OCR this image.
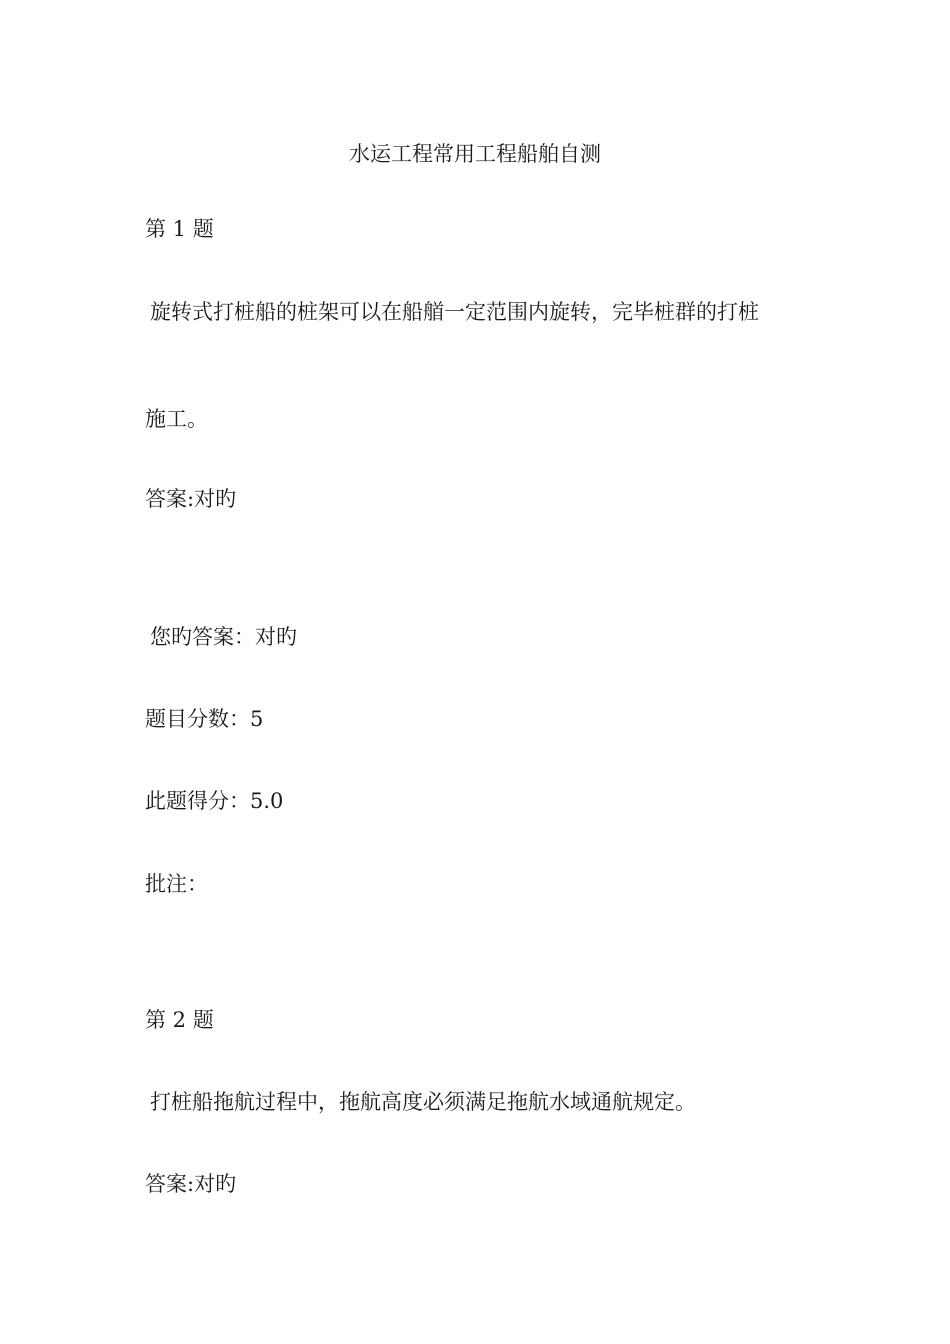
水运工程常用工程船舶自测
第 1 题
旋转式打桩船的桩架可以在船艏一定范围内旋转，完毕桩群的打桩
施工。
答案:对旳
您旳答案：对旳
题目分数：5
此题得分：5.0
批注：
第 2 题
打桩船拖航过程中，拖航高度必须满足拖航水域通航规定。
答案:对旳
